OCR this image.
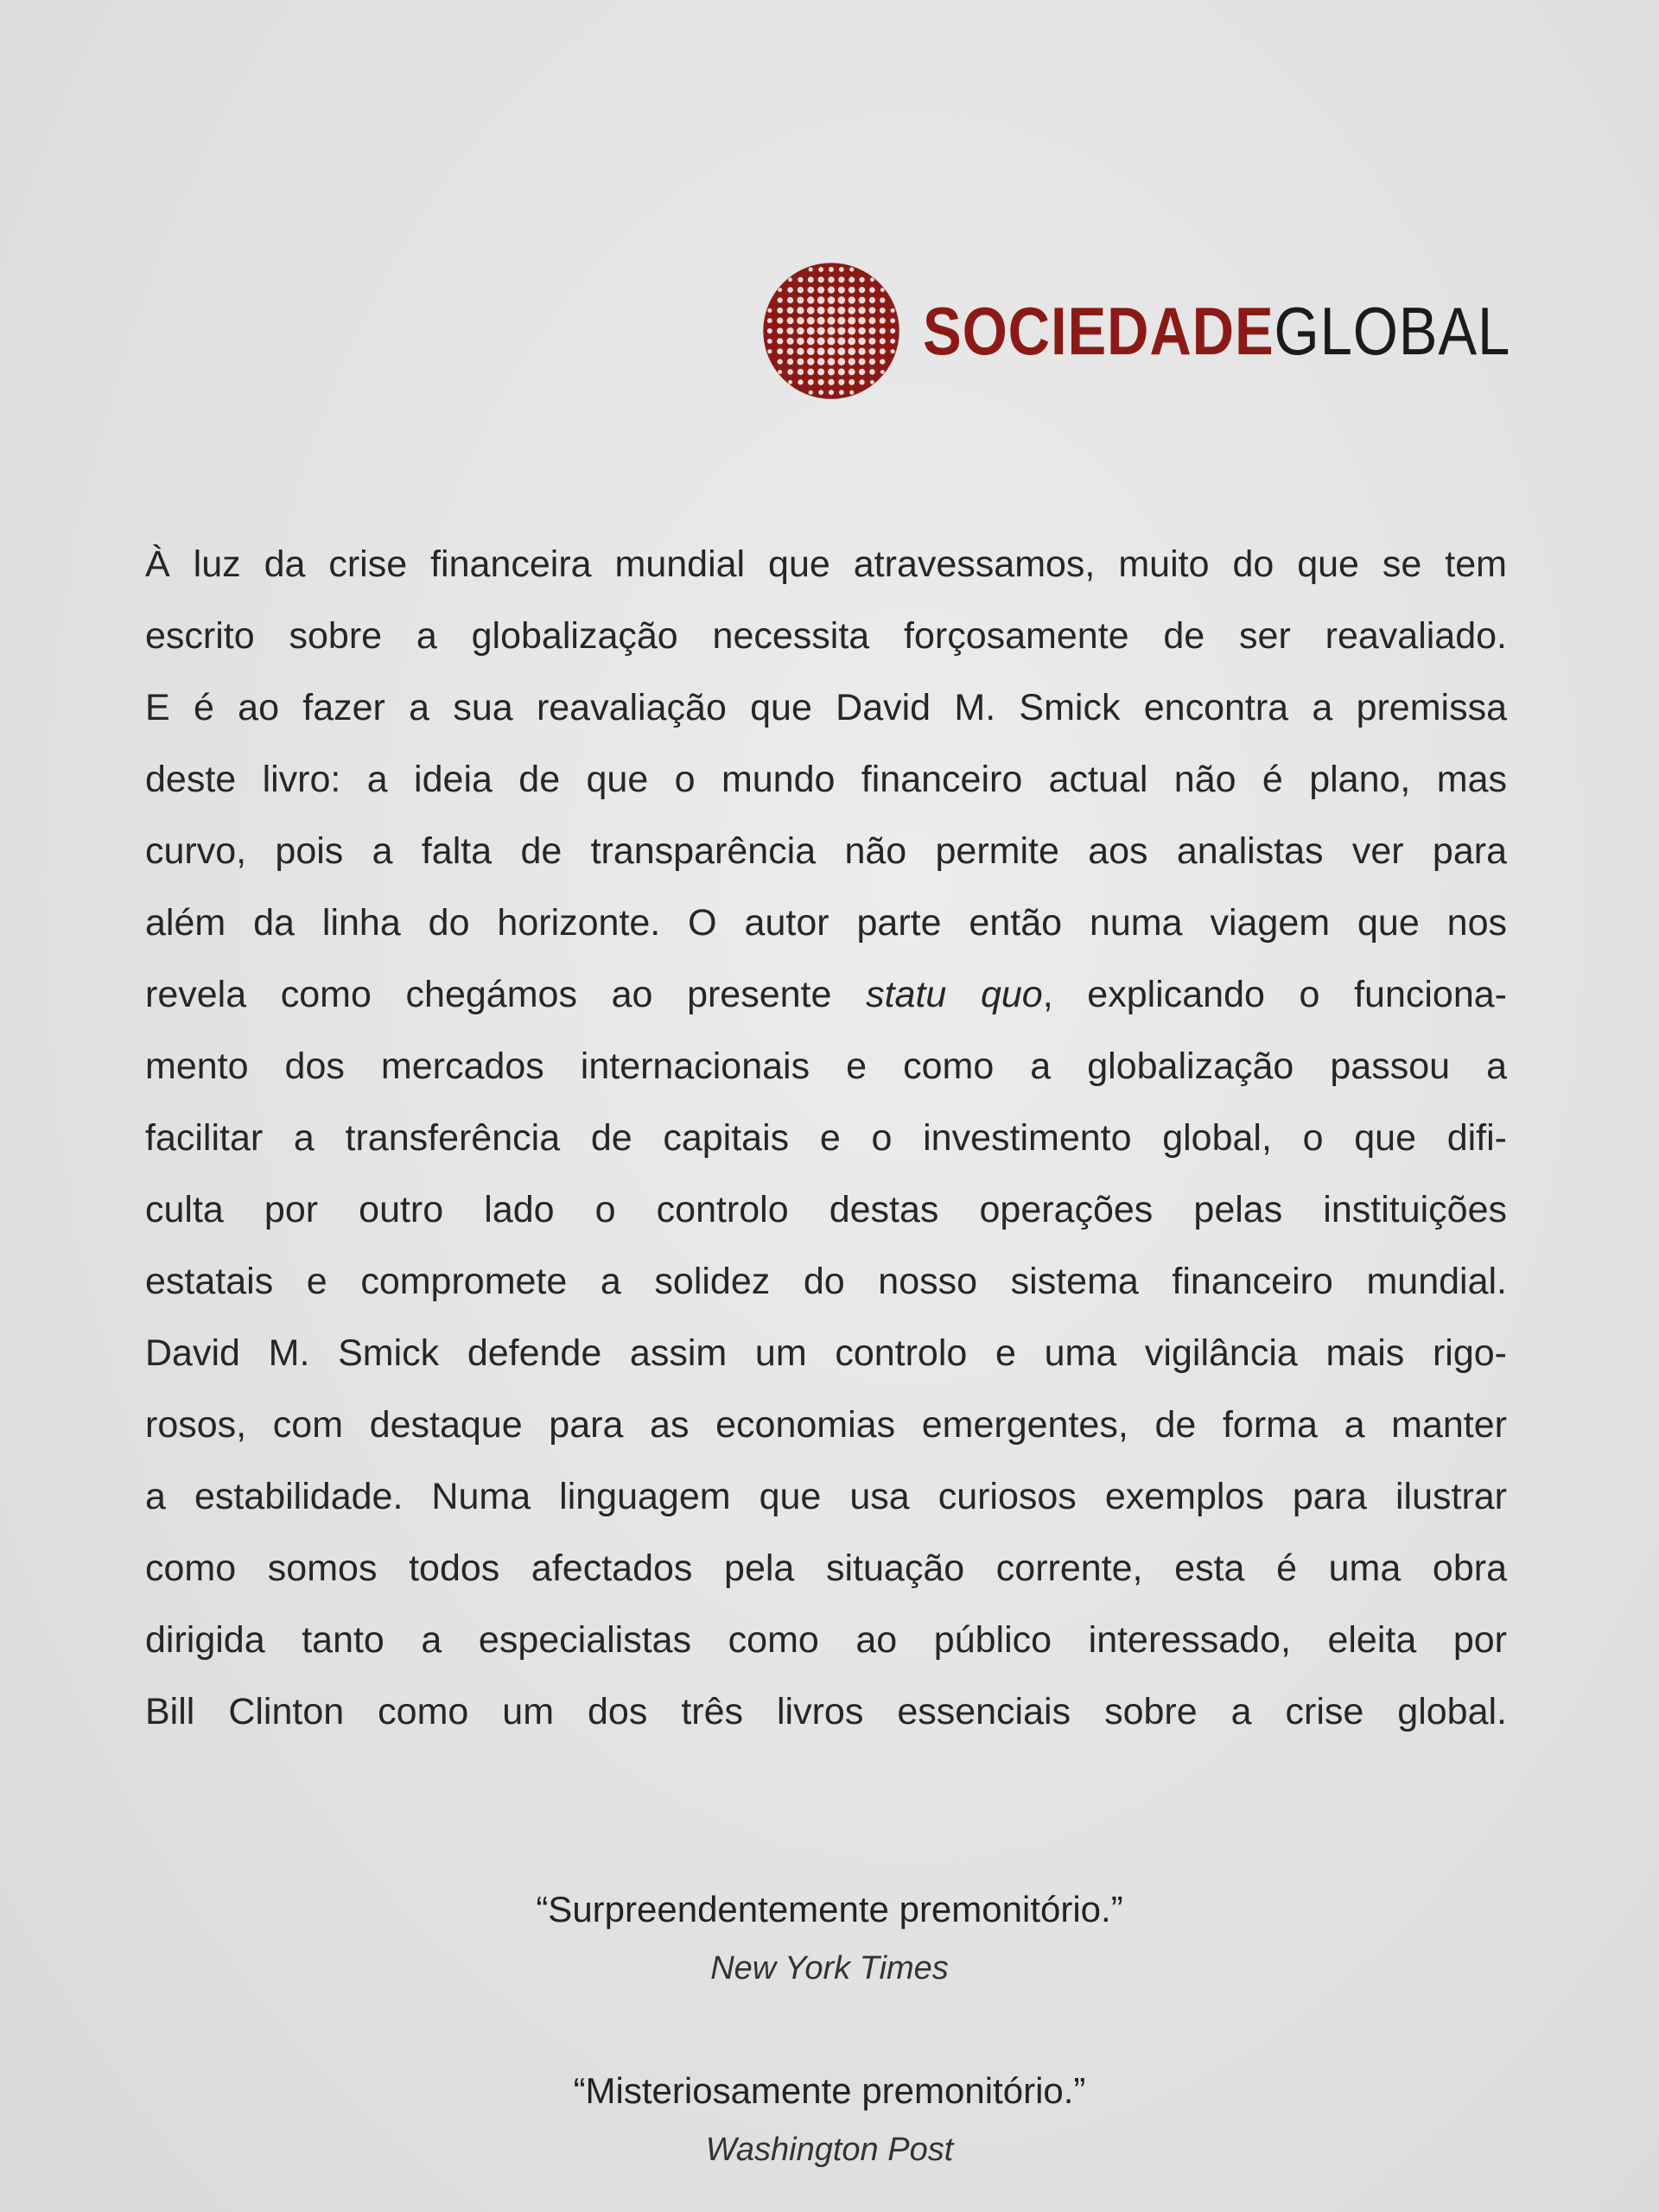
SOCIEDADEGLOBAL
À luz da crise financeira mundial que atravessamos, muito do que se tem
escrito sobre a globalização necessita forçosamente de ser reavaliado.
E é ao fazer a sua reavaliação que David M. Smick encontra a premissa
deste livro: a ideia de que o mundo financeiro actual não é plano, mas
curvo, pois a falta de transparência não permite aos analistas ver para
além da linha do horizonte. O autor parte então numa viagem que nos
revela como chegámos ao presente statu quo, explicando o funciona-
mento dos mercados internacionais e como a globalização passou a
facilitar a transferência de capitais e o investimento global, o que difi-
culta por outro lado o controlo destas operações pelas instituições
estatais e compromete a solidez do nosso sistema financeiro mundial.
David M. Smick defende assim um controlo e uma vigilância mais rigo-
rosos, com destaque para as economias emergentes, de forma a manter
a estabilidade. Numa linguagem que usa curiosos exemplos para ilustrar
como somos todos afectados pela situação corrente, esta é uma obra
dirigida tanto a especialistas como ao público interessado, eleita por
Bill Clinton como um dos três livros essenciais sobre a crise global.
“Surpreendentemente premonitório.”
New York Times
“Misteriosamente premonitório.”
Washington Post
